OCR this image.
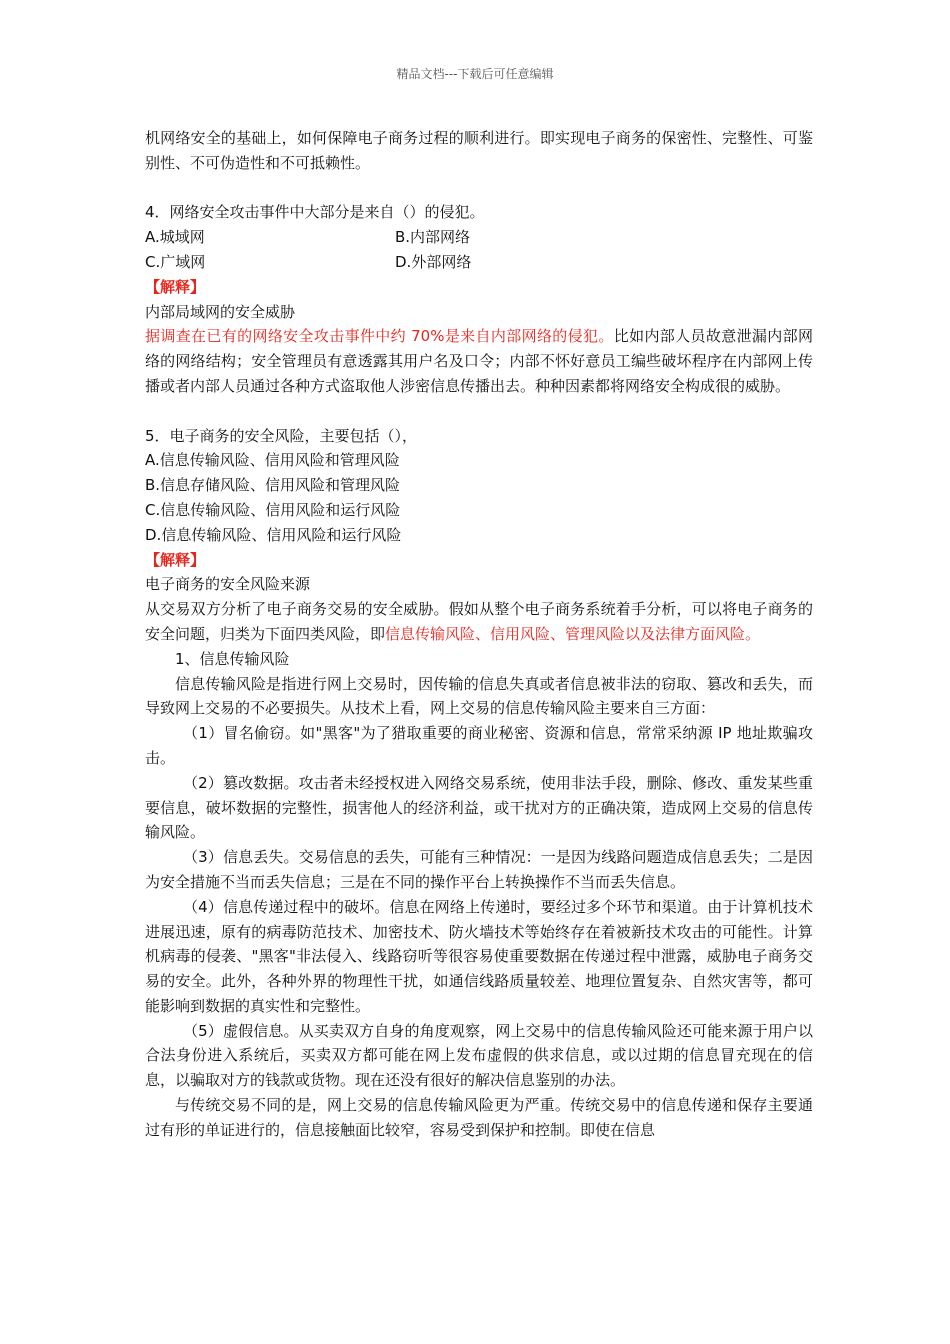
精品文档---下载后可任意编辑

机网络安全的基础上，如何保障电子商务过程的顺利进行。即实现电子商务的保密性、完整性、可鉴别性、不可伪造性和不可抵赖性。

4．网络安全攻击事件中大部分是来自（）的侵犯。

A.城域网	B.内部网络
C.广域网	D.外部网络

【解释】

内部局域网的安全威胁

据调查在已有的网络安全攻击事件中约 70%是来自内部网络的侵犯。比如内部人员故意泄漏内部网络的网络结构；安全管理员有意透露其用户名及口令；内部不怀好意员工编些破坏程序在内部网上传播或者内部人员通过各种方式盗取他人涉密信息传播出去。种种因素都将网络安全构成很的威胁。

5．电子商务的安全风险，主要包括（），

A.信息传输风险、信用风险和管理风险

B.信息存储风险、信用风险和管理风险

C.信息传输风险、信用风险和运行风险

D.信息传输风险、信用风险和运行风险

【解释】

电子商务的安全风险来源

从交易双方分析了电子商务交易的安全威胁。假如从整个电子商务系统着手分析，可以将电子商务的安全问题，归类为下面四类风险，即信息传输风险、信用风险、管理风险以及法律方面风险。

1、信息传输风险

信息传输风险是指进行网上交易时，因传输的信息失真或者信息被非法的窃取、篡改和丢失，而导致网上交易的不必要损失。从技术上看，网上交易的信息传输风险主要来自三方面：

（1）冒名偷窃。如"黑客"为了猎取重要的商业秘密、资源和信息，常常采纳源 IP 地址欺骗攻击。

（2）篡改数据。攻击者未经授权进入网络交易系统，使用非法手段，删除、修改、重发某些重要信息，破坏数据的完整性，损害他人的经济利益，或干扰对方的正确决策，造成网上交易的信息传输风险。

（3）信息丢失。交易信息的丢失，可能有三种情况：一是因为线路问题造成信息丢失；二是因为安全措施不当而丢失信息；三是在不同的操作平台上转换操作不当而丢失信息。

（4）信息传递过程中的破坏。信息在网络上传递时，要经过多个环节和渠道。由于计算机技术进展迅速，原有的病毒防范技术、加密技术、防火墙技术等始终存在着被新技术攻击的可能性。计算机病毒的侵袭、"黑客"非法侵入、线路窃听等很容易使重要数据在传递过程中泄露，威胁电子商务交易的安全。此外，各种外界的物理性干扰，如通信线路质量较差、地理位置复杂、自然灾害等，都可能影响到数据的真实性和完整性。

（5）虚假信息。从买卖双方自身的角度观察，网上交易中的信息传输风险还可能来源于用户以合法身份进入系统后，买卖双方都可能在网上发布虚假的供求信息，或以过期的信息冒充现在的信息，以骗取对方的钱款或货物。现在还没有很好的解决信息鉴别的办法。

与传统交易不同的是，网上交易的信息传输风险更为严重。传统交易中的信息传递和保存主要通过有形的单证进行的，信息接触面比较窄，容易受到保护和控制。即使在信息
